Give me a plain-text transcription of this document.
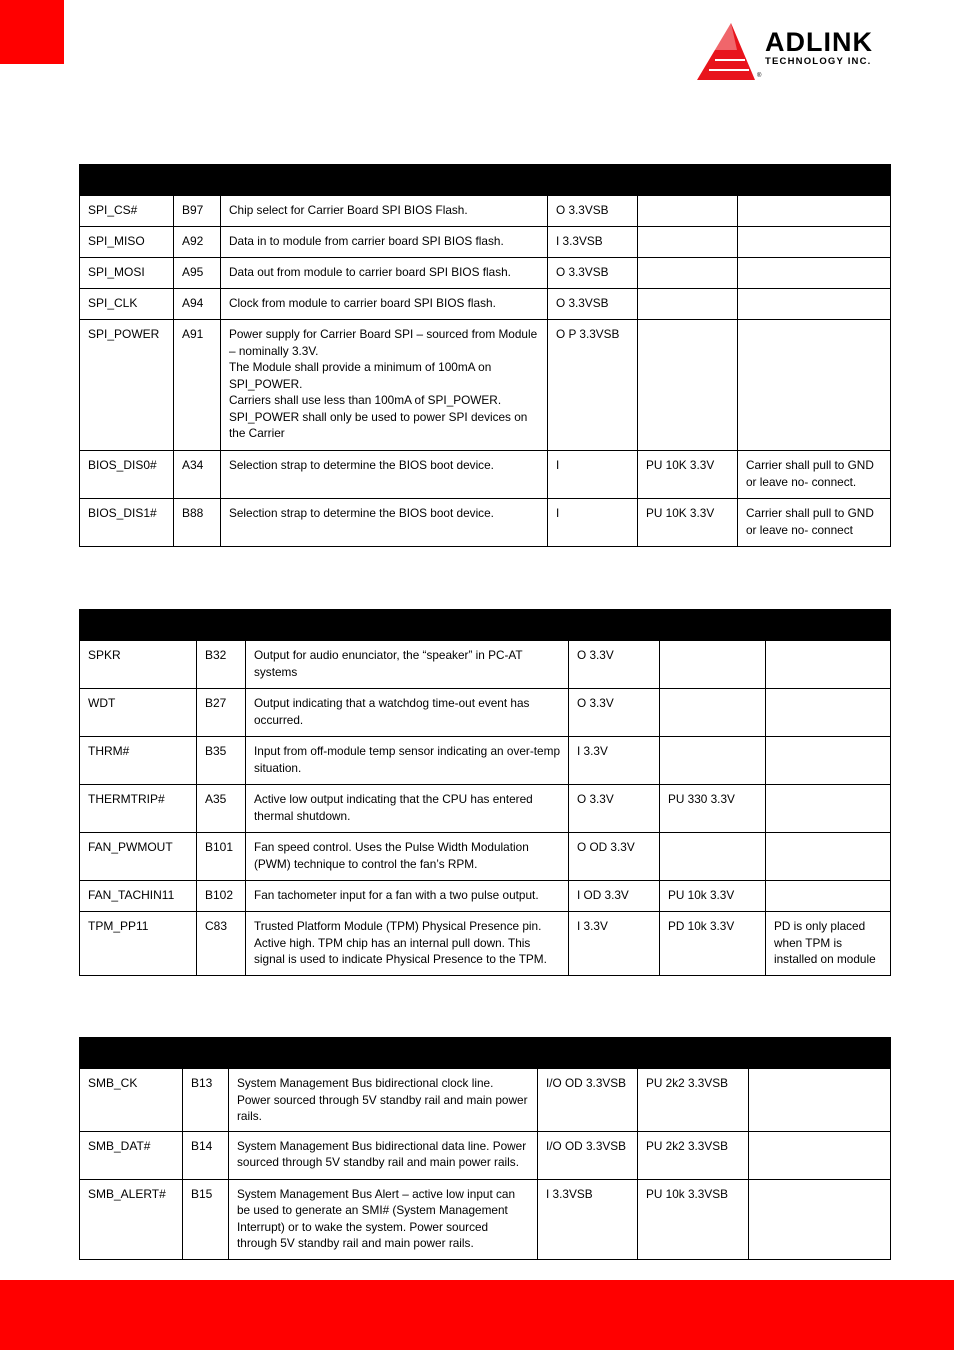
ADLINK
TECHNOLOGY INC.
®

SPI_CS#	B97	Chip select for Carrier Board SPI BIOS Flash.	O 3.3VSB		
SPI_MISO	A92	Data in to module from carrier board SPI BIOS flash.	I 3.3VSB		
SPI_MOSI	A95	Data out from module to carrier board SPI BIOS flash.	O 3.3VSB		
SPI_CLK	A94	Clock from module to carrier board SPI BIOS flash.	O 3.3VSB		
SPI_POWER	A91	Power supply for Carrier Board SPI – sourced from Module – nominally 3.3V.
The Module shall provide a minimum of 100mA on SPI_POWER.
Carriers shall use less than 100mA of SPI_POWER. SPI_POWER shall only be used to power SPI devices on the Carrier	O P 3.3VSB		
BIOS_DIS0#	A34	Selection strap to determine the BIOS boot device.	I	PU 10K 3.3V	Carrier shall pull to GND or leave no- connect.
BIOS_DIS1#	B88	Selection strap to determine the BIOS boot device.	I	PU 10K 3.3V	Carrier shall pull to GND or leave no- connect

SPKR	B32	Output for audio enunciator, the “speaker” in PC-AT systems	O 3.3V		
WDT	B27	Output indicating that a watchdog time-out event has occurred.	O 3.3V		
THRM#	B35	Input from off-module temp sensor indicating an over-temp situation.	I 3.3V		
THERMTRIP#	A35	Active low output indicating that the CPU has entered thermal shutdown.	O 3.3V	PU 330 3.3V	
FAN_PWMOUT	B101	Fan speed control. Uses the Pulse Width Modulation (PWM) technique to control the fan’s RPM.	O OD 3.3V		
FAN_TACHIN11	B102	Fan tachometer input for a fan with a two pulse output.	I OD 3.3V	PU 10k 3.3V	
TPM_PP11	C83	Trusted Platform Module (TPM) Physical Presence pin. Active high. TPM chip has an internal pull down. This signal is used to indicate Physical Presence to the TPM.	I 3.3V	PD 10k 3.3V	PD is only placed when TPM is installed on module

SMB_CK	B13	System Management Bus bidirectional clock line. Power sourced through 5V standby rail and main power rails.	I/O OD 3.3VSB	PU 2k2 3.3VSB	
SMB_DAT#	B14	System Management Bus bidirectional data line. Power sourced through 5V standby rail and main power rails.	I/O OD 3.3VSB	PU 2k2 3.3VSB	
SMB_ALERT#	B15	System Management Bus Alert – active low input can be used to generate an SMI# (System Management Interrupt) or to wake the system. Power sourced through 5V standby rail and main power rails.	I 3.3VSB	PU 10k 3.3VSB	
